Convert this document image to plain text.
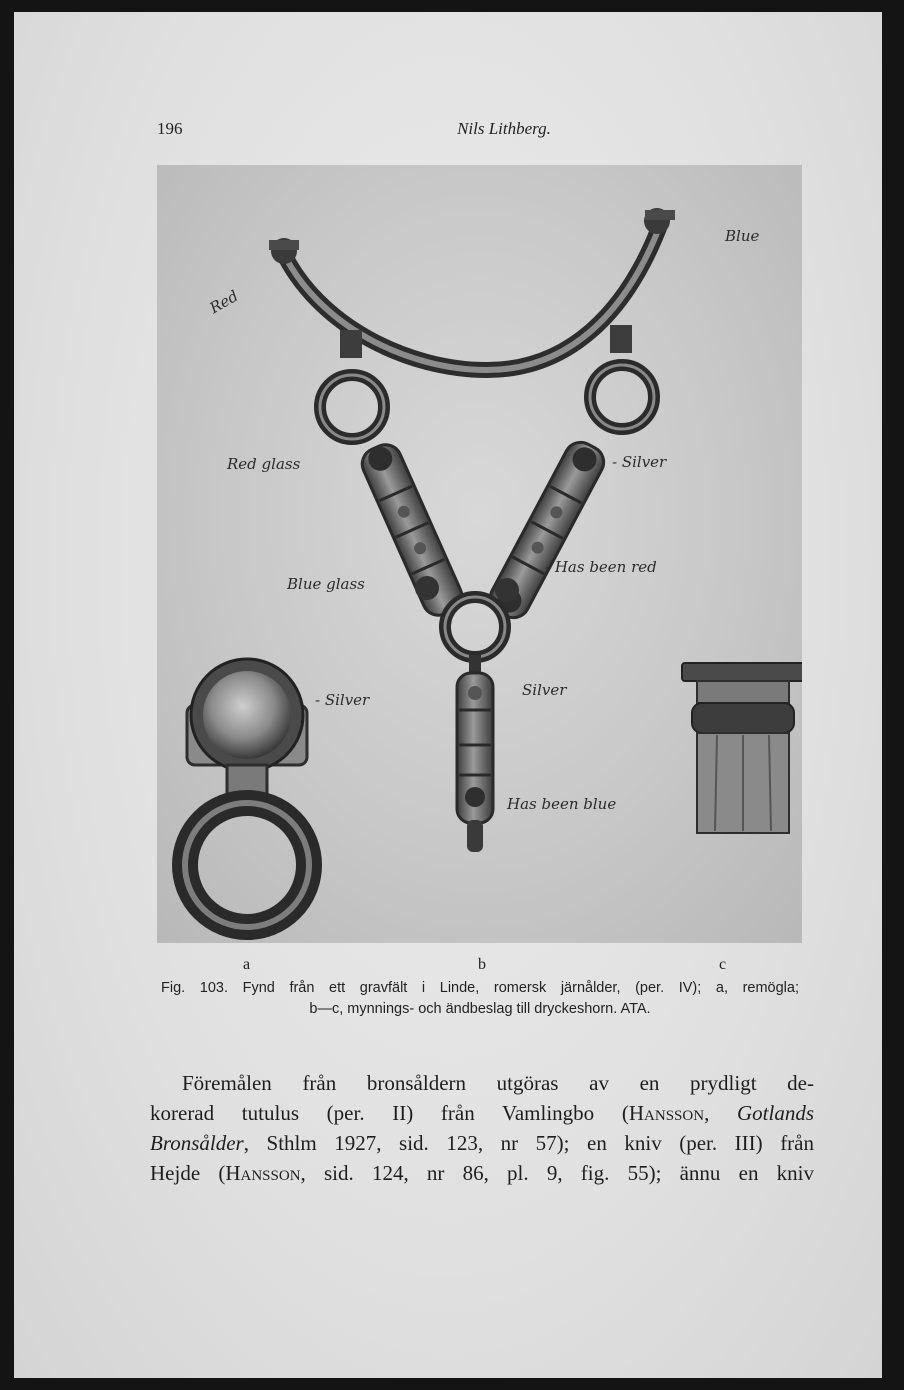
196	Nils Lithberg.
Blue
Red
Red glass	- Silver
- Has been red
Blue glass
- Silver
Silver
Has been blue
a	b	c
Fig. 103. Fynd från ett gravfält i Linde, romersk järnålder, (per. IV); a, remögla;
b—c, mynnings- och ändbeslag till dryckeshorn. ATA.
Föremålen från bronsåldern utgöras av en prydligt de-
korerad tutulus (per. II) från Vamlingbo (Hansson, Gotlands
Bronsålder, Sthlm 1927, sid. 123, nr 57); en kniv (per. III) från
Hejde (Hansson, sid. 124, nr 86, pl. 9, fig. 55); ännu en kniv
